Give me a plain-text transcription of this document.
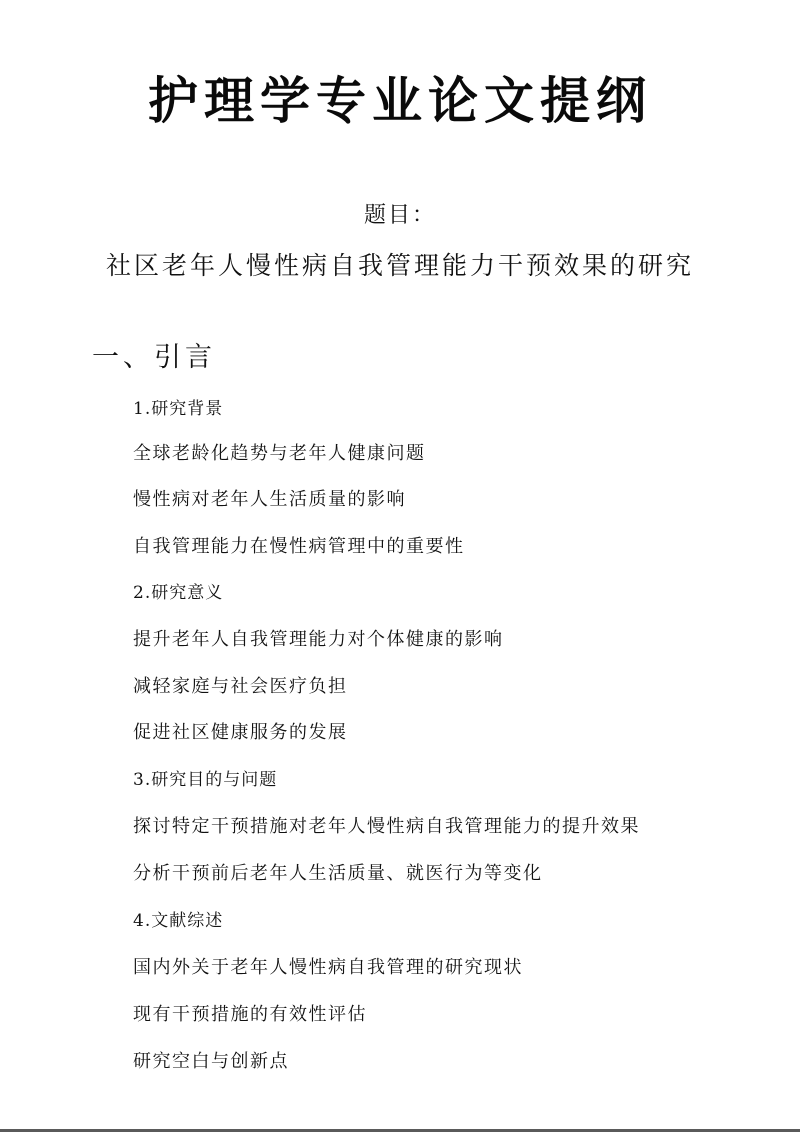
护理学专业论文提纲
题目：
社区老年人慢性病自我管理能力干预效果的研究
一、引言
1.研究背景
全球老龄化趋势与老年人健康问题
慢性病对老年人生活质量的影响
自我管理能力在慢性病管理中的重要性
2.研究意义
提升老年人自我管理能力对个体健康的影响
减轻家庭与社会医疗负担
促进社区健康服务的发展
3.研究目的与问题
探讨特定干预措施对老年人慢性病自我管理能力的提升效果
分析干预前后老年人生活质量、就医行为等变化
4.文献综述
国内外关于老年人慢性病自我管理的研究现状
现有干预措施的有效性评估
研究空白与创新点
